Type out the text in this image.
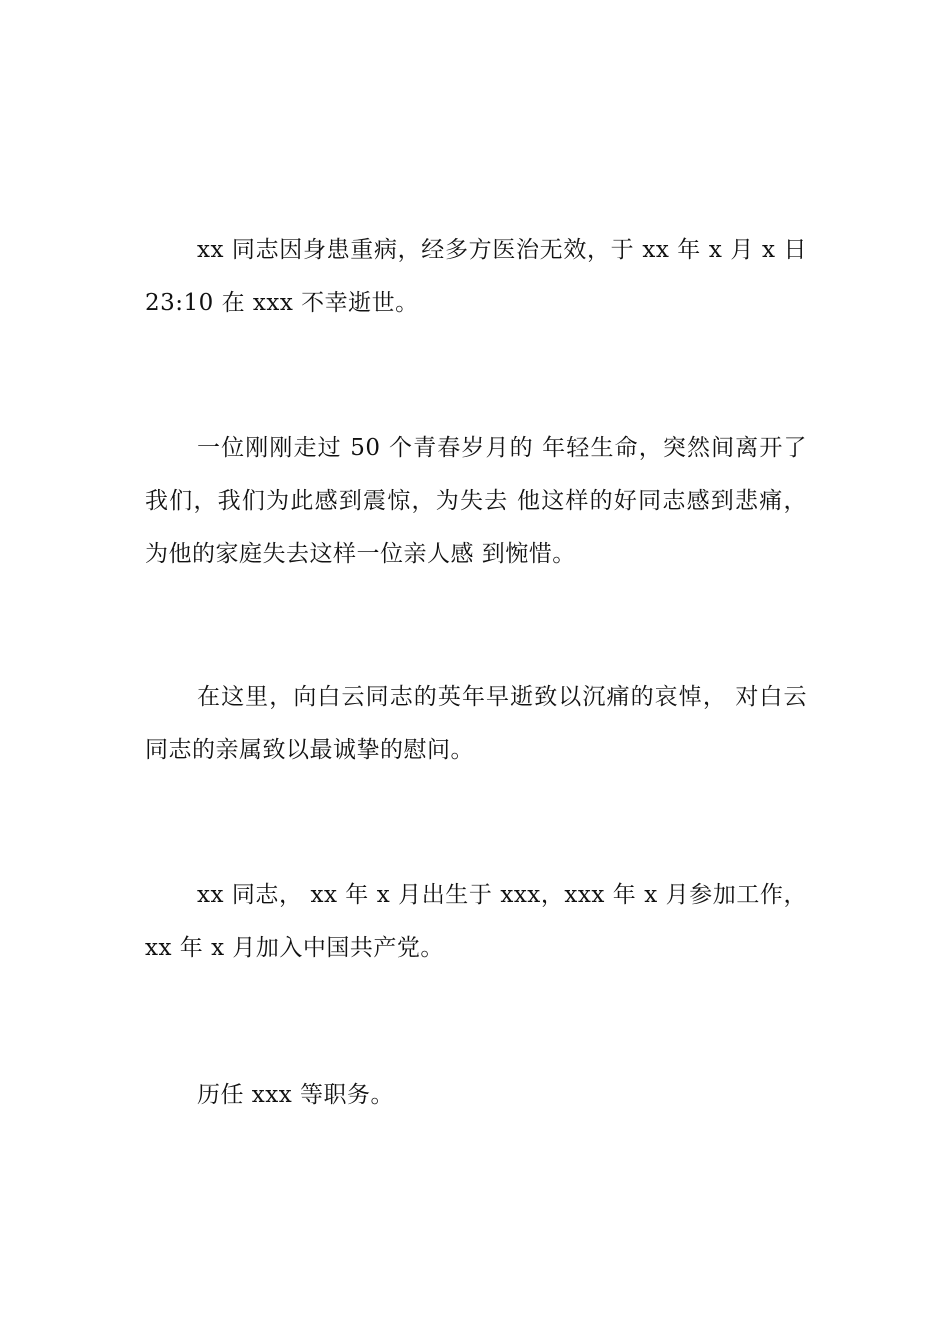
xx 同志因身患重病，经多方医治无效，于 xx 年 x 月 x 日 23:10 在 xxx 不幸逝世。

一位刚刚走过 50 个青春岁月的 年轻生命，突然间离开了我们，我们为此感到震惊，为失去 他这样的好同志感到悲痛，为他的家庭失去这样一位亲人感 到惋惜。

在这里，向白云同志的英年早逝致以沉痛的哀悼， 对白云同志的亲属致以最诚挚的慰问。

xx 同志， xx 年 x 月出生于 xxx，xxx 年 x 月参加工作， xx 年 x 月加入中国共产党。

历任 xxx 等职务。
